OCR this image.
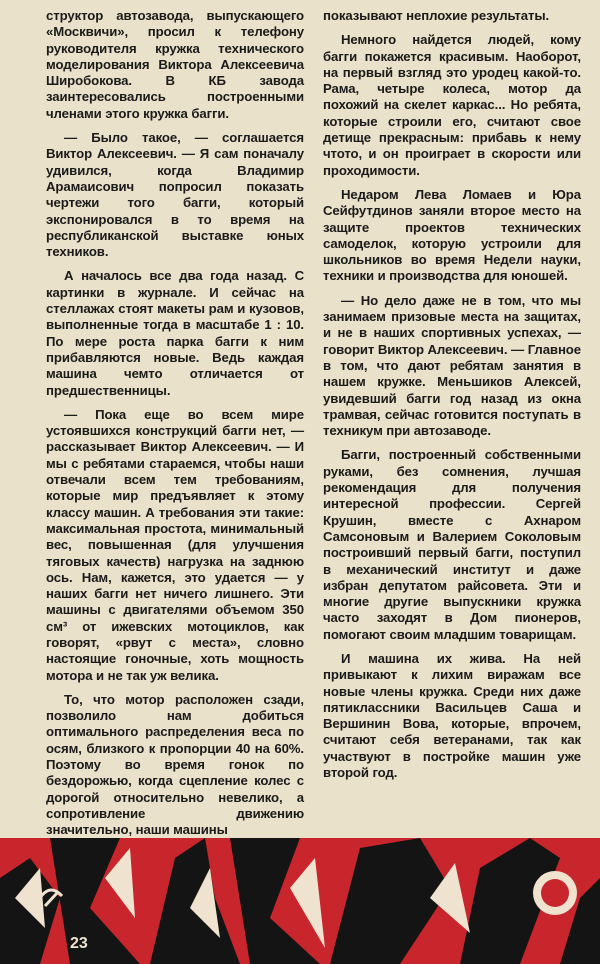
структор автозавода, выпускающего «Москвичи», просил к телефону руководителя кружка технического моделирования Виктора Алексеевича Широбокова. В КБ завода заинтересовались построенными членами этого кружка багги.

— Было такое, — соглашается Виктор Алексеевич. — Я сам поначалу удивился, когда Владимир Арамаисович попросил показать чертежи того багги, который экспонировался в то время на республиканской выставке юных техников.

А началось все два года назад. С картинки в журнале. И сейчас на стеллажах стоят макеты рам и кузовов, выполненные тогда в масштабе 1 : 10. По мере роста парка багги к ним прибавляются новые. Ведь каждая машина чемто отличается от предшественницы.

— Пока еще во всем мире устоявшихся конструкций багги нет, — рассказывает Виктор Алексеевич. — И мы с ребятами стараемся, чтобы наши отвечали всем тем требованиям, которые мир предъявляет к этому классу машин. А требования эти такие: максимальная простота, минимальный вес, повышенная (для улучшения тяговых качеств) нагрузка на заднюю ось. Нам, кажется, это удается — у наших багги нет ничего лишнего. Эти машины с двигателями объемом 350 см³ от ижевских мотоциклов, как говорят, «рвут с места», словно настоящие гоночные, хоть мощность мотора и не так уж велика.

То, что мотор расположен сзади, позволило нам добиться оптимального распределения веса по осям, близкого к пропорции 40 на 60%. Поэтому во время гонок по бездорожью, когда сцепление колес с дорогой относительно невелико, а сопротивление движению значительно, наши машины

показывают неплохие результаты.

Немного найдется людей, кому багги покажется красивым. Наоборот, на первый взгляд это уродец какой-то. Рама, четыре колеса, мотор да похожий на скелет каркас... Но ребята, которые строили его, считают свое детище прекрасным: прибавь к нему чтото, и он проиграет в скорости или проходимости.

Недаром Лева Ломаев и Юра Сейфутдинов заняли второе место на защите проектов технических самоделок, которую устроили для школьников во время Недели науки, техники и производства для юношей.

— Но дело даже не в том, что мы занимаем призовые места на защитах, и не в наших спортивных успехах, — говорит Виктор Алексеевич. — Главное в том, что дают ребятам занятия в нашем кружке. Меньшиков Алексей, увидевший багги год назад из окна трамвая, сейчас готовится поступать в техникум при автозаводе.

Багги, построенный собственными руками, без сомнения, лучшая рекомендация для получения интересной профессии. Сергей Крушин, вместе с Ахнаром Самсоновым и Валерием Соколовым построивший первый багги, поступил в механический институт и даже избран депутатом райсовета. Эти и многие другие выпускники кружка часто заходят в Дом пионеров, помогают своим младшим товарищам.

И машина их жива. На ней привыкают к лихим виражам все новые члены кружка. Среди них даже пятиклассники Васильцев Саша и Вершинин Вова, которые, впрочем, считают себя ветеранами, так как участвуют в постройке машин уже второй год.

23
